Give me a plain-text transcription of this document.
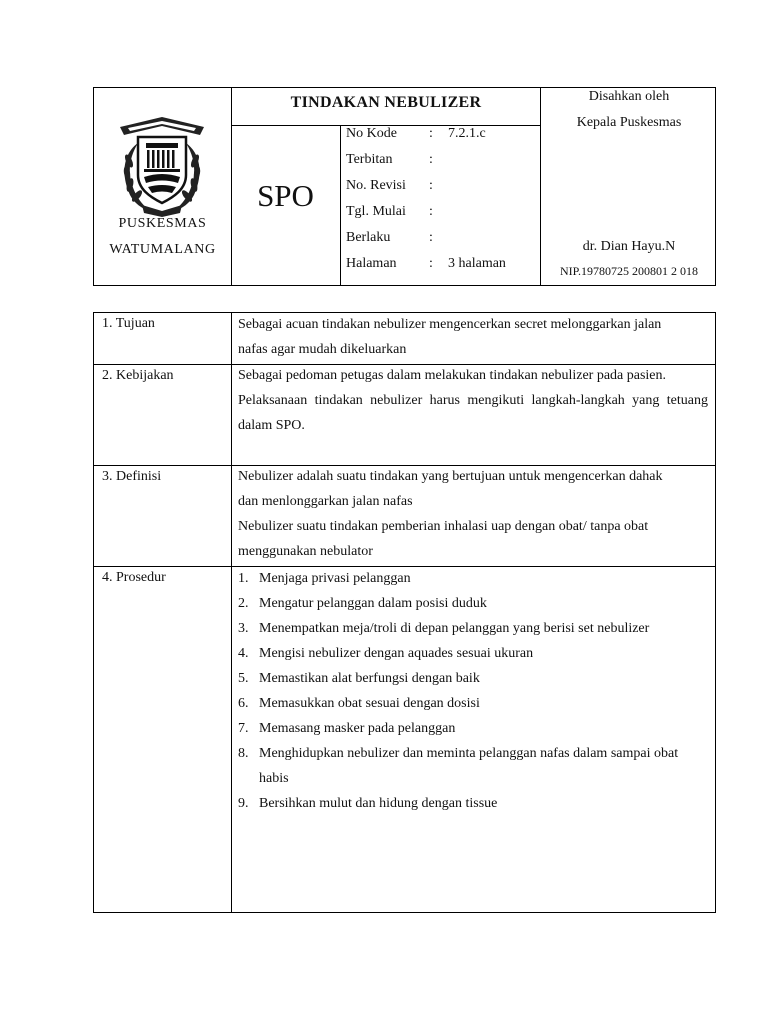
PUSKESMAS
WATUMALANG
TINDAKAN NEBULIZER
SPO
No Kode : 7.2.1.c
Terbitan	:
No. Revisi :
Tgl. Mulai :
Berlaku	:
Halaman : 3 halaman
Disahkan oleh
Kepala Puskesmas
dr. Dian Hayu.N
NIP.19780725 200801 2 018
1. Tujuan	Sebagai acuan tindakan nebulizer mengencerkan secret melonggarkan jalan
nafas agar mudah dikeluarkan
2. Kebijakan	Sebagai pedoman petugas dalam melakukan tindakan nebulizer pada pasien.
Pelaksanaan tindakan nebulizer harus mengikuti langkah-langkah yang tetuang dalam SPO.
3. Definisi	Nebulizer adalah suatu tindakan yang bertujuan untuk mengencerkan dahak
dan menlonggarkan jalan nafas
Nebulizer suatu tindakan pemberian inhalasi uap dengan obat/ tanpa obat
menggunakan nebulator
4. Prosedur	1. Menjaga privasi pelanggan
2. Mengatur pelanggan dalam posisi duduk
3. Menempatkan meja/troli di depan pelanggan yang berisi set nebulizer
4. Mengisi nebulizer dengan aquades sesuai ukuran
5. Memastikan alat berfungsi dengan baik
6. Memasukkan obat sesuai dengan dosisi
7. Memasang masker pada pelanggan
8. Menghidupkan nebulizer dan meminta pelanggan nafas dalam sampai obat habis
9. Bersihkan mulut dan hidung dengan tissue
